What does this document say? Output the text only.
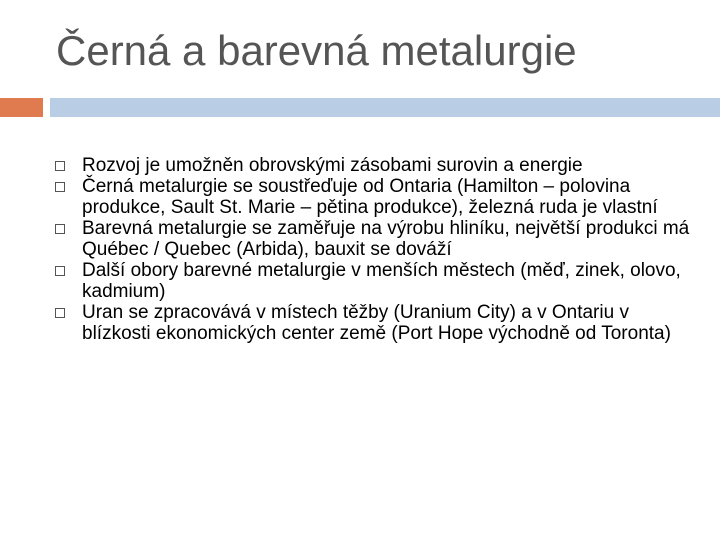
Černá a barevná metalurgie
Rozvoj je umožněn obrovskými zásobami surovin a energie
Černá metalurgie se soustřeďuje od Ontaria (Hamilton – polovina produkce, Sault St. Marie – pětina produkce), železná ruda je vlastní
Barevná metalurgie se zaměřuje na výrobu hliníku, největší produkci má Québec / Quebec (Arbida), bauxit se dováží
Další obory barevné metalurgie v menších městech (měď, zinek, olovo, kadmium)
Uran se zpracovává v místech těžby (Uranium City) a v Ontariu v blízkosti ekonomických center země (Port Hope východně od Toronta)
